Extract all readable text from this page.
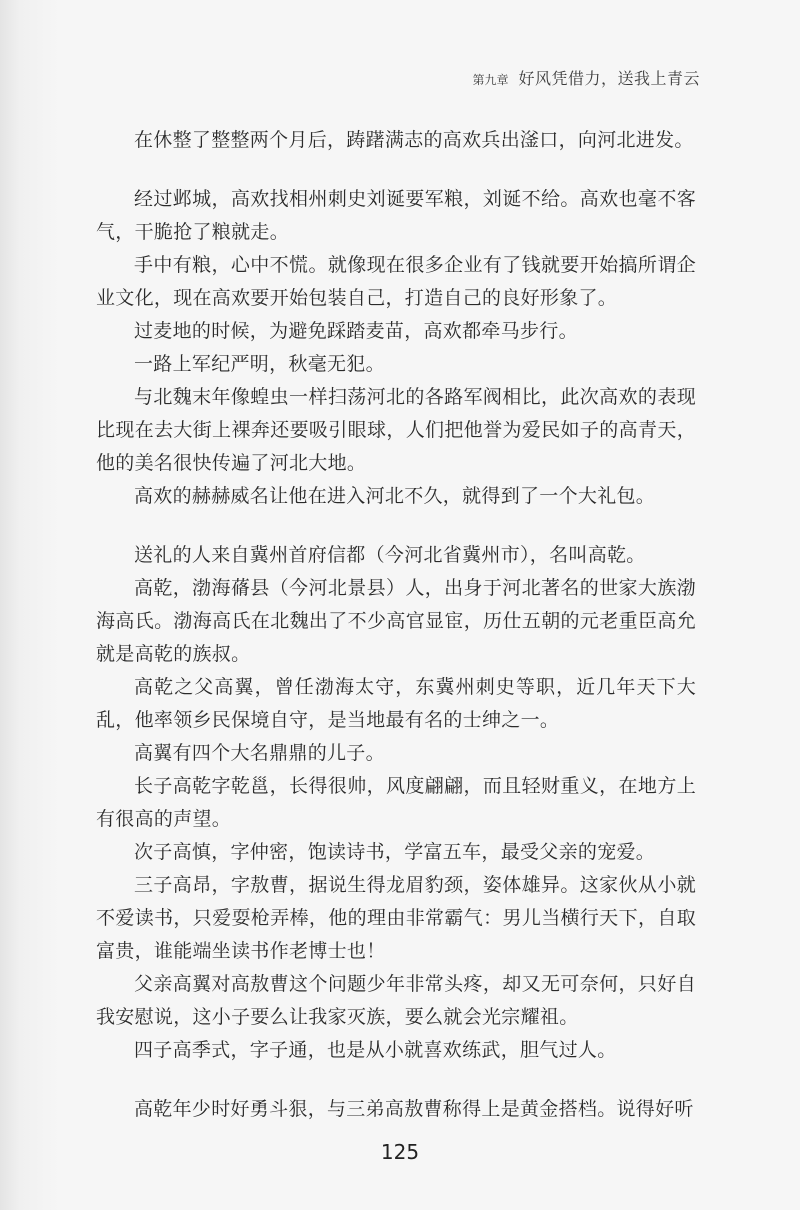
第九章 好风凭借力，送我上青云

在休整了整整两个月后，踌躇满志的高欢兵出滏口，向河北进发。

经过邺城，高欢找相州刺史刘诞要军粮，刘诞不给。高欢也毫不客气，干脆抢了粮就走。

手中有粮，心中不慌。就像现在很多企业有了钱就要开始搞所谓企业文化，现在高欢要开始包装自己，打造自己的良好形象了。

过麦地的时候，为避免踩踏麦苗，高欢都牵马步行。

一路上军纪严明，秋毫无犯。

与北魏末年像蝗虫一样扫荡河北的各路军阀相比，此次高欢的表现比现在去大街上裸奔还要吸引眼球，人们把他誉为爱民如子的高青天，他的美名很快传遍了河北大地。

高欢的赫赫威名让他在进入河北不久，就得到了一个大礼包。

送礼的人来自冀州首府信都（今河北省冀州市），名叫高乾。

高乾，渤海蓨县（今河北景县）人，出身于河北著名的世家大族渤海高氏。渤海高氏在北魏出了不少高官显宦，历仕五朝的元老重臣高允就是高乾的族叔。

高乾之父高翼，曾任渤海太守，东冀州刺史等职，近几年天下大乱，他率领乡民保境自守，是当地最有名的士绅之一。

高翼有四个大名鼎鼎的儿子。

长子高乾字乾邕，长得很帅，风度翩翩，而且轻财重义，在地方上有很高的声望。

次子高慎，字仲密，饱读诗书，学富五车，最受父亲的宠爱。

三子高昂，字敖曹，据说生得龙眉豹颈，姿体雄异。这家伙从小就不爱读书，只爱耍枪弄棒，他的理由非常霸气：男儿当横行天下，自取富贵，谁能端坐读书作老博士也！

父亲高翼对高敖曹这个问题少年非常头疼，却又无可奈何，只好自我安慰说，这小子要么让我家灭族，要么就会光宗耀祖。

四子高季式，字子通，也是从小就喜欢练武，胆气过人。

高乾年少时好勇斗狠，与三弟高敖曹称得上是黄金搭档。说得好听

125
